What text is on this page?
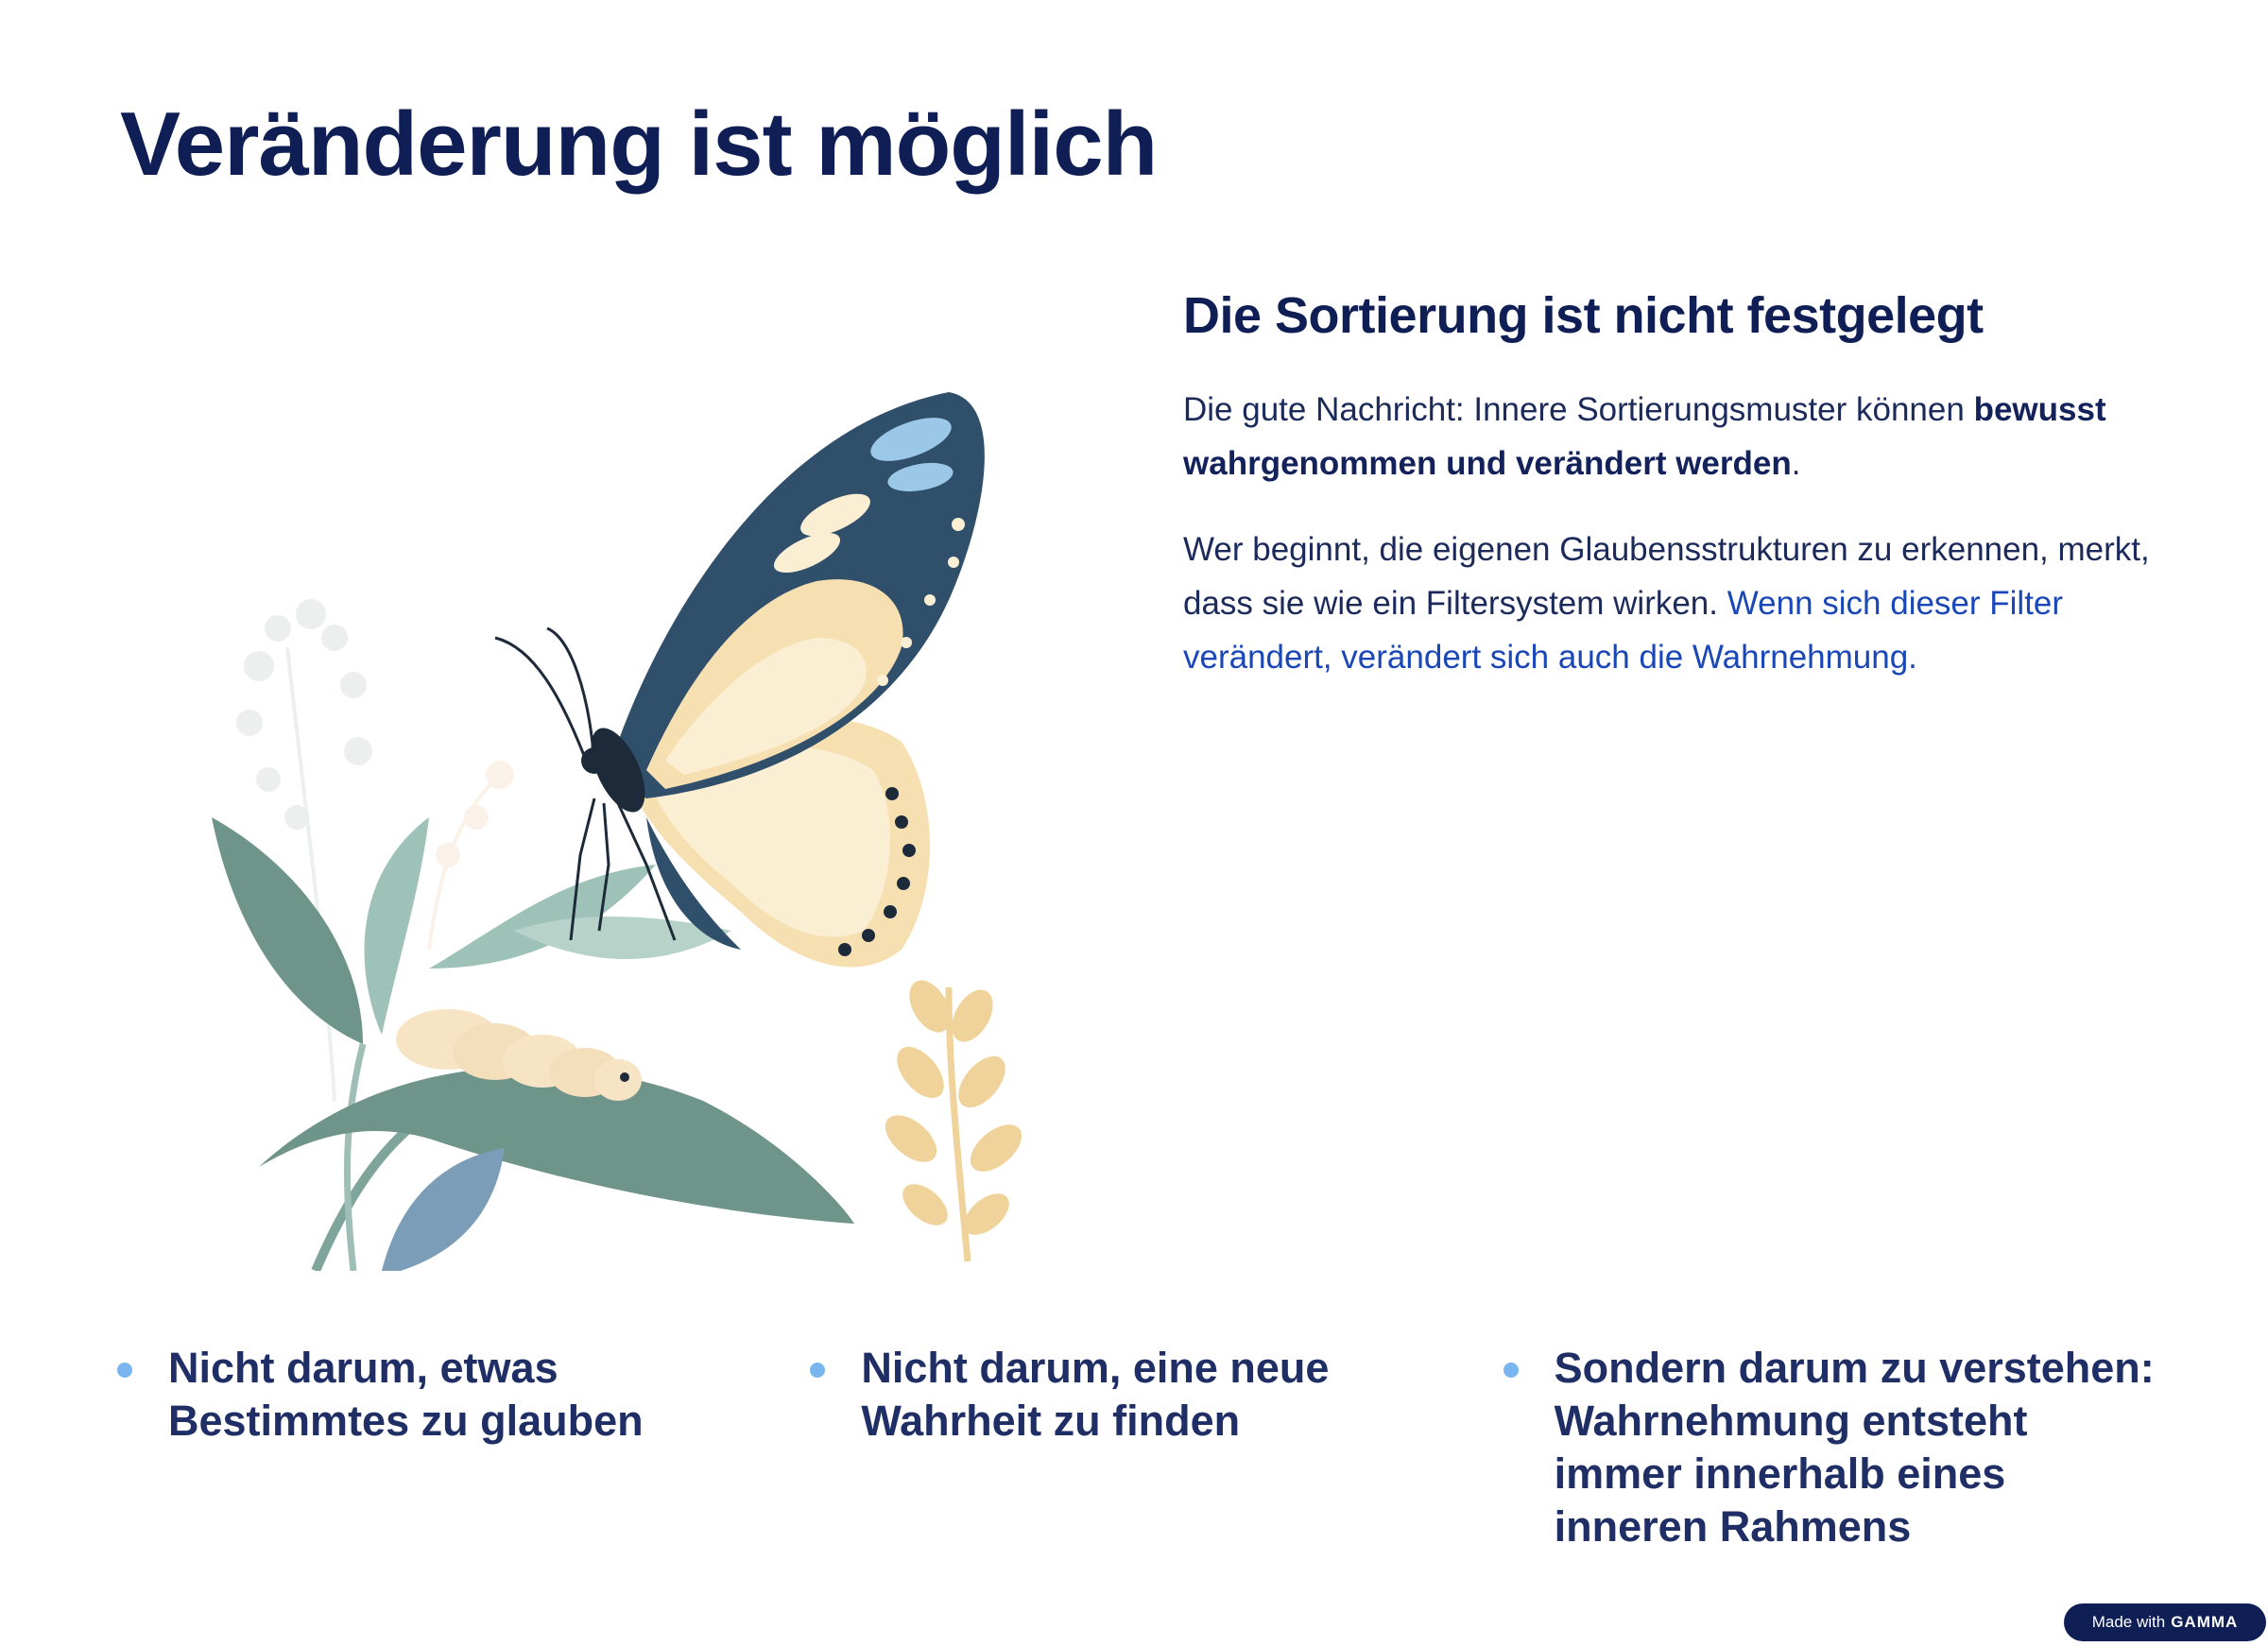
Veränderung ist möglich
Die Sortierung ist nicht festgelegt

Die gute Nachricht: Innere Sortierungsmuster können bewusst wahrgenommen und verändert werden.

Wer beginnt, die eigenen Glaubensstrukturen zu erkennen, merkt, dass sie wie ein Filtersystem wirken. Wenn sich dieser Filter verändert, verändert sich auch die Wahrnehmung.

Nicht darum, etwas Bestimmtes zu glauben
Nicht darum, eine neue Wahrheit zu finden
Sondern darum zu verstehen: Wahrnehmung entsteht immer innerhalb eines inneren Rahmens
Made with GAMMA
